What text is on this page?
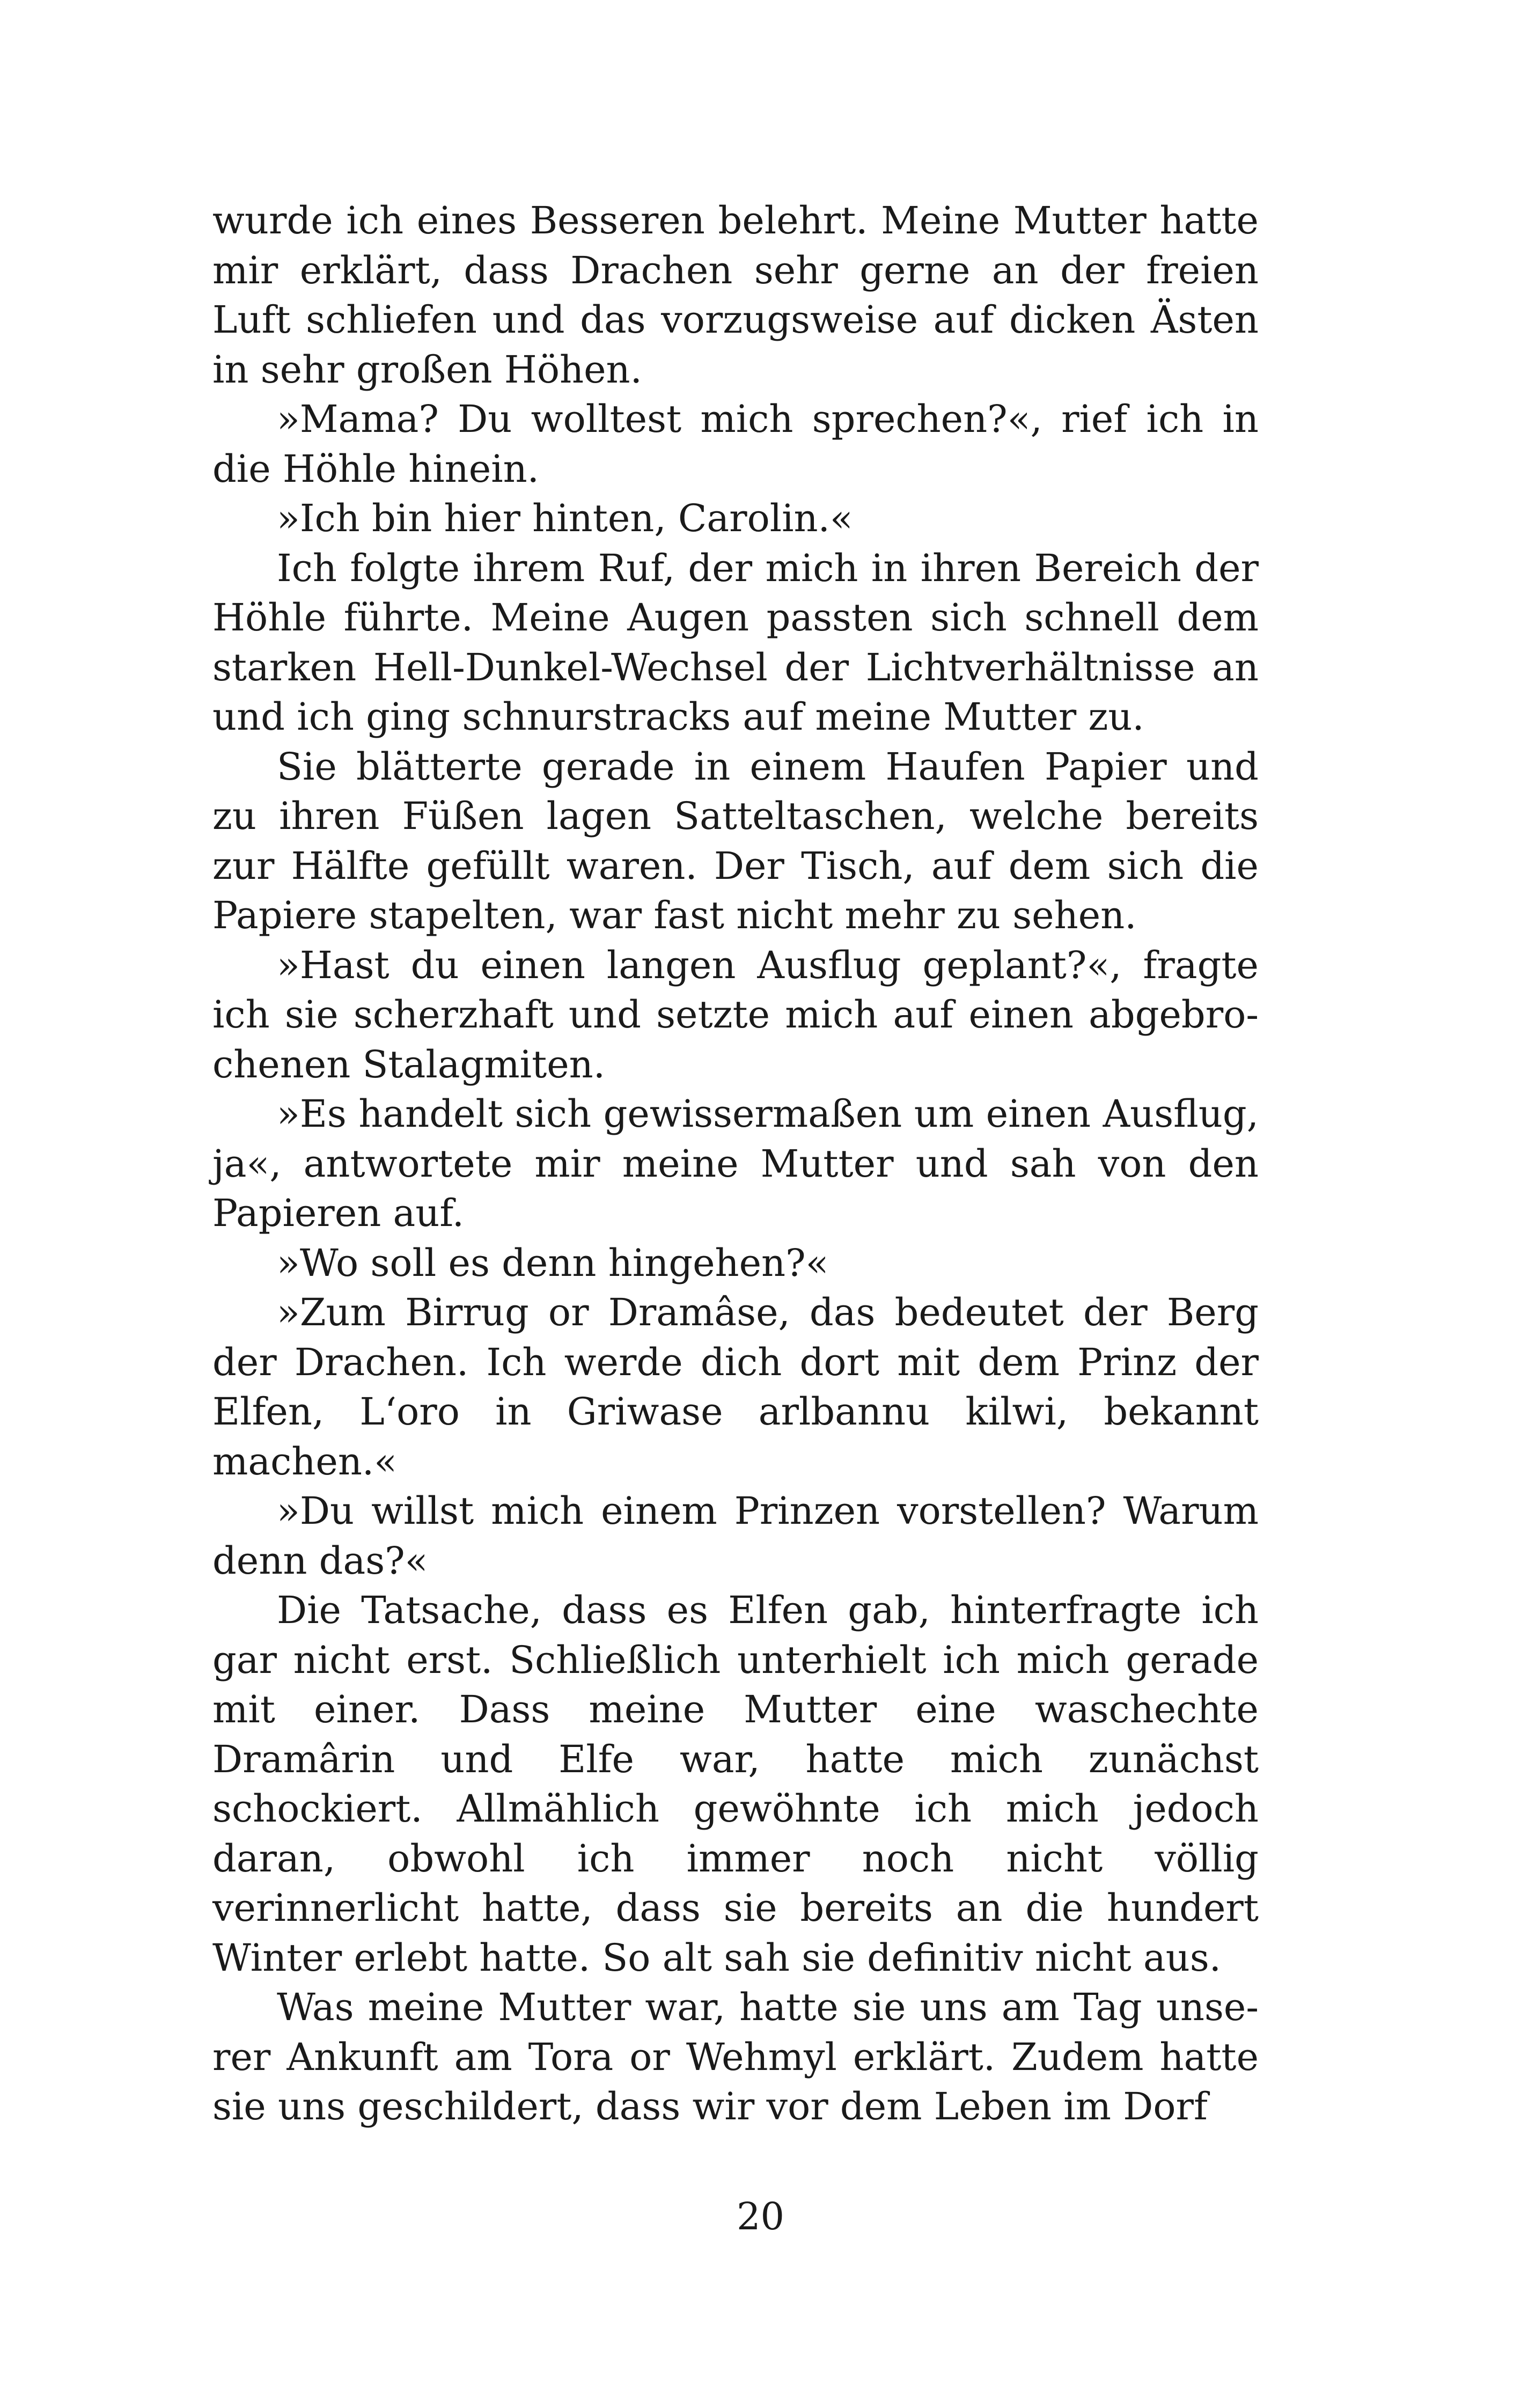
wurde ich eines Besseren belehrt. Meine Mutter hatte mir erklärt, dass Drachen sehr gerne an der freien Luft schliefen und das vorzugsweise auf dicken Ästen in sehr großen Höhen.

»Mama? Du wolltest mich sprechen?«, rief ich in die Höhle hinein.

»Ich bin hier hinten, Carolin.«

Ich folgte ihrem Ruf, der mich in ihren Bereich der Höhle führte. Meine Augen passten sich schnell dem starken Hell-Dunkel-Wechsel der Lichtverhältnisse an und ich ging schnurstracks auf meine Mutter zu.

Sie blätterte gerade in einem Haufen Papier und zu ihren Füßen lagen Satteltaschen, welche bereits zur Hälfte gefüllt waren. Der Tisch, auf dem sich die Papiere stapelten, war fast nicht mehr zu sehen.

»Hast du einen langen Ausflug geplant?«, fragte ich sie scherzhaft und setzte mich auf einen abgebrochenen Stalagmiten.

»Es handelt sich gewissermaßen um einen Ausflug, ja«, antwortete mir meine Mutter und sah von den Papieren auf.

»Wo soll es denn hingehen?«

»Zum Birrug or Dramâse, das bedeutet der Berg der Drachen. Ich werde dich dort mit dem Prinz der Elfen, L‘oro in Griwase arlbannu kilwi, bekannt machen.«

»Du willst mich einem Prinzen vorstellen? Warum denn das?«

Die Tatsache, dass es Elfen gab, hinterfragte ich gar nicht erst. Schließlich unterhielt ich mich gerade mit einer. Dass meine Mutter eine waschechte Dramârin und Elfe war, hatte mich zunächst schockiert. Allmählich gewöhnte ich mich jedoch daran, obwohl ich immer noch nicht völlig verinnerlicht hatte, dass sie bereits an die hundert Winter erlebt hatte. So alt sah sie definitiv nicht aus.

Was meine Mutter war, hatte sie uns am Tag unserer Ankunft am Tora or Wehmyl erklärt. Zudem hatte sie uns geschildert, dass wir vor dem Leben im Dorf

20
